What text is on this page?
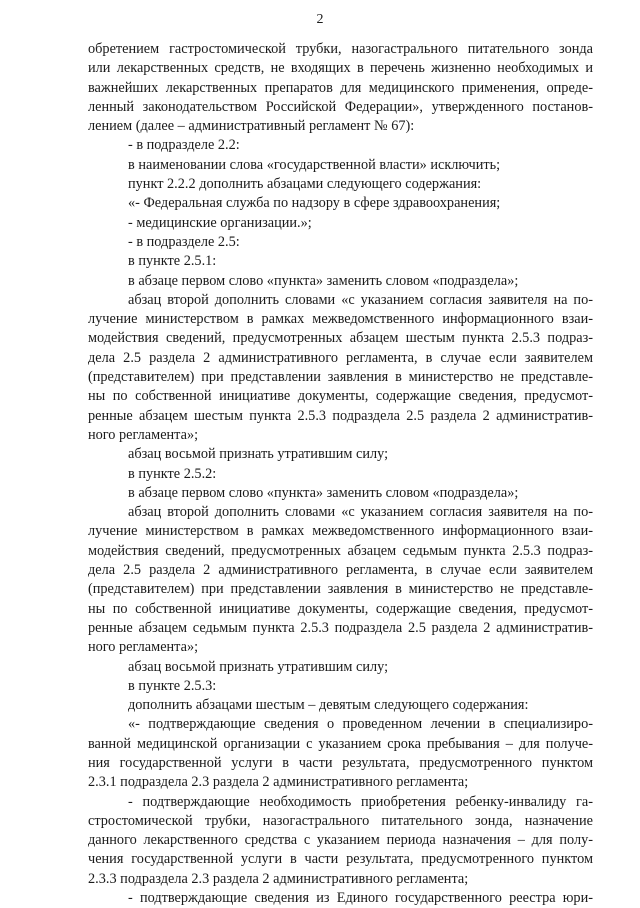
2
обретением гастростомической трубки, назогастрального питательного зонда
или лекарственных средств, не входящих в перечень жизненно необходимых и
важнейших лекарственных препаратов для медицинского применения, опреде-
ленный законодательством Российской Федерации», утвержденного постанов-
лением (далее – административный регламент № 67):
- в подразделе 2.2:
в наименовании слова «государственной власти» исключить;
пункт 2.2.2 дополнить абзацами следующего содержания:
«- Федеральная служба по надзору в сфере здравоохранения;
- медицинские организации.»;
- в подразделе 2.5:
в пункте 2.5.1:
в абзаце первом слово «пункта» заменить словом «подраздела»;
абзац второй дополнить словами «с указанием согласия заявителя на по-
лучение министерством в рамках межведомственного информационного взаи-
модействия сведений, предусмотренных абзацем шестым пункта 2.5.3 подраз-
дела 2.5 раздела 2 административного регламента, в случае если заявителем
(представителем) при представлении заявления в министерство не представле-
ны по собственной инициативе документы, содержащие сведения, предусмот-
ренные абзацем шестым пункта 2.5.3 подраздела 2.5 раздела 2 административ-
ного регламента»;
абзац восьмой признать утратившим силу;
в пункте 2.5.2:
в абзаце первом слово «пункта» заменить словом «подраздела»;
абзац второй дополнить словами «с указанием согласия заявителя на по-
лучение министерством в рамках межведомственного информационного взаи-
модействия сведений, предусмотренных абзацем седьмым пункта 2.5.3 подраз-
дела 2.5 раздела 2 административного регламента, в случае если заявителем
(представителем) при представлении заявления в министерство не представле-
ны по собственной инициативе документы, содержащие сведения, предусмот-
ренные абзацем седьмым пункта 2.5.3 подраздела 2.5 раздела 2 административ-
ного регламента»;
абзац восьмой признать утратившим силу;
в пункте 2.5.3:
дополнить абзацами шестым – девятым следующего содержания:
«- подтверждающие сведения о проведенном лечении в специализиро-
ванной медицинской организации с указанием срока пребывания – для получе-
ния государственной услуги в части результата, предусмотренного пунктом
2.3.1 подраздела 2.3 раздела 2 административного регламента;
- подтверждающие необходимость приобретения ребенку-инвалиду га-
стростомической трубки, назогастрального питательного зонда, назначение
данного лекарственного средства с указанием периода назначения – для полу-
чения государственной услуги в части результата, предусмотренного пунктом
2.3.3 подраздела 2.3 раздела 2 административного регламента;
- подтверждающие сведения из Единого государственного реестра юри-
